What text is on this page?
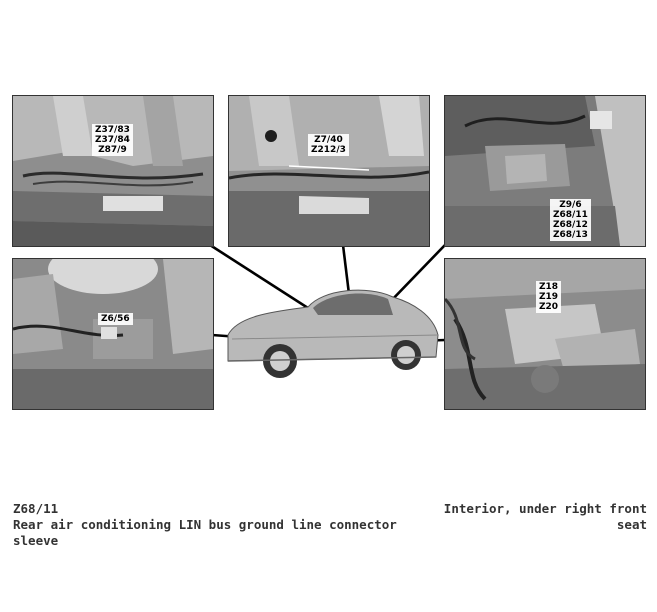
Z37/83
Z37/84
Z87/9
Z7/40
Z212/3
Z9/6
Z68/11
Z68/12
Z68/13
Z6/56
Z18
Z19
Z20
Z68/11
Rear air conditioning LIN bus ground line connector
sleeve
Interior, under right front
seat
